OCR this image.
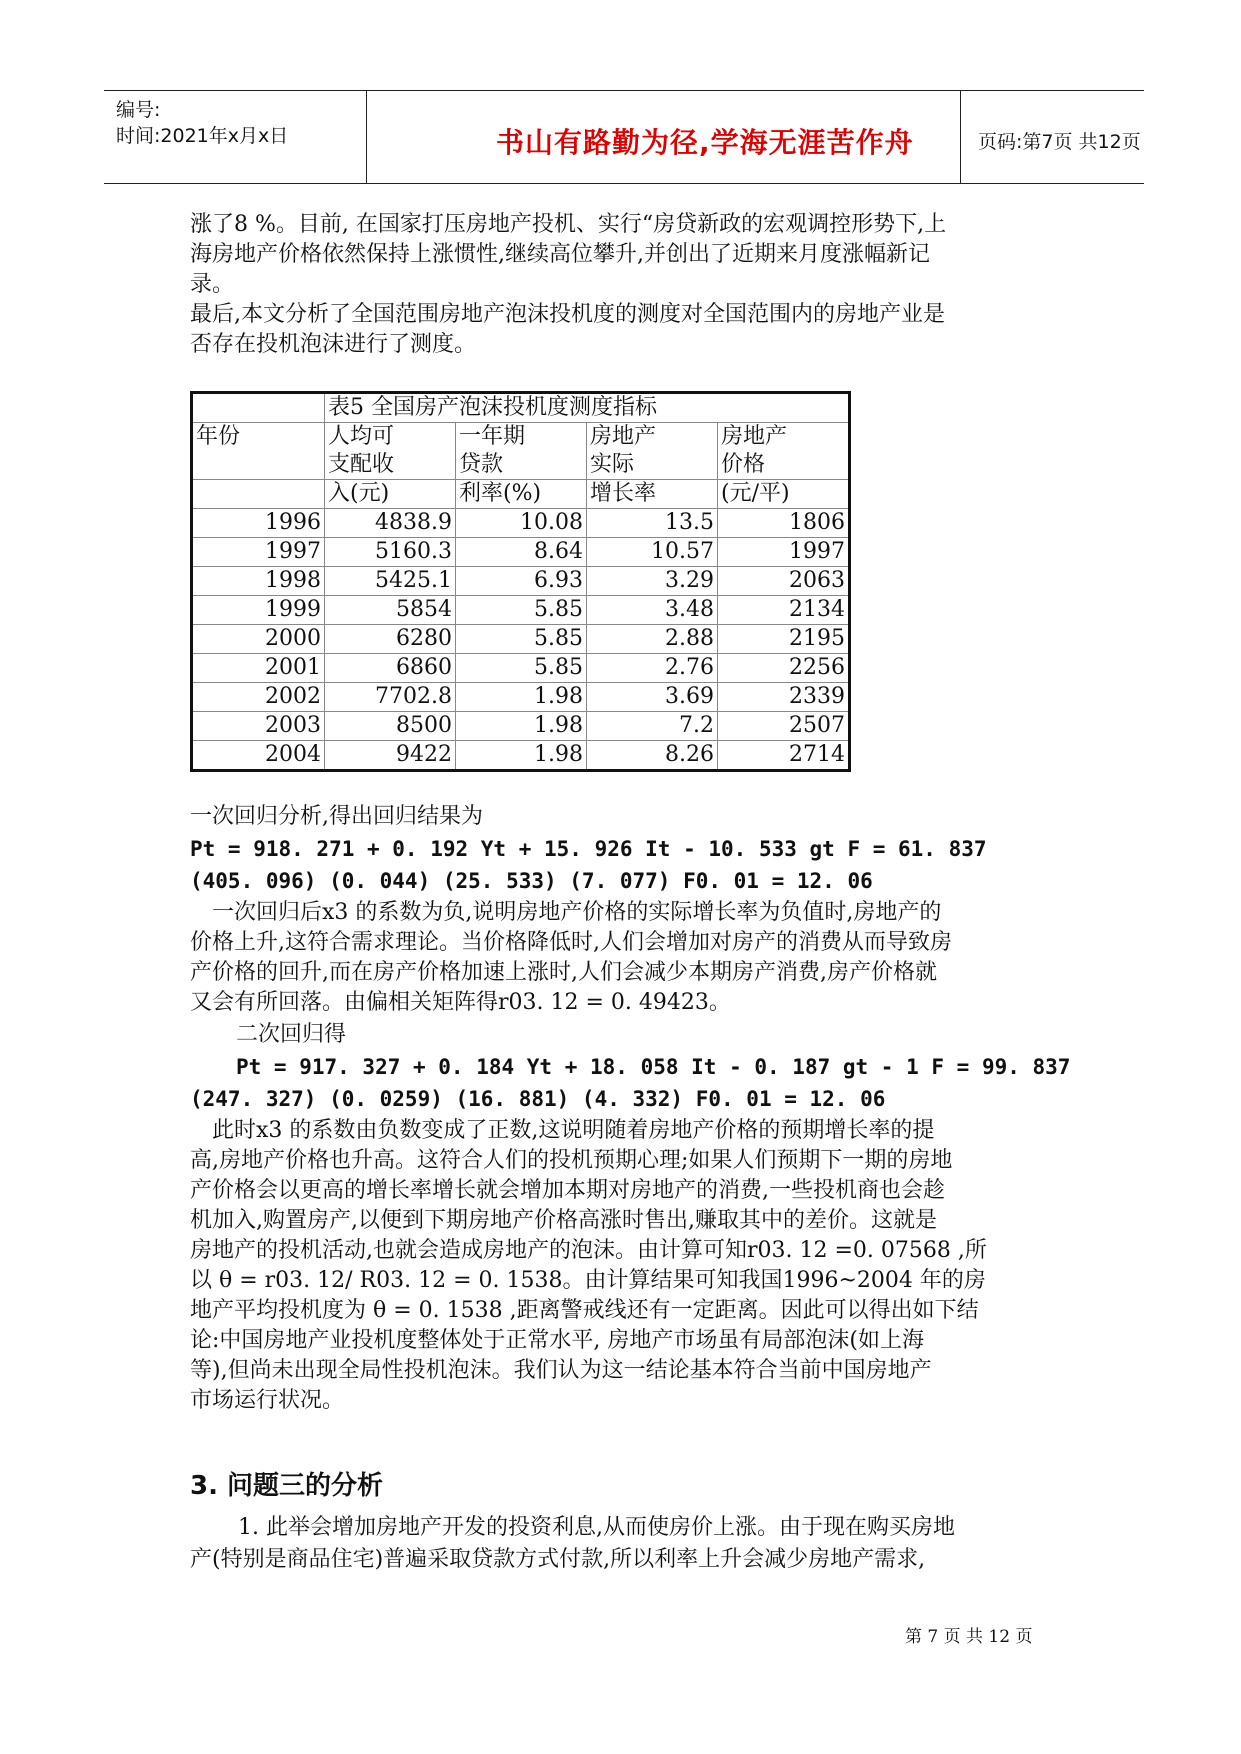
编号:
时间:2021年x月x日	书山有路勤为径,学海无涯苦作舟	页码:第7页 共12页
涨了8 %。目前, 在国家打压房地产投机、实行“房贷新政的宏观调控形势下,上
海房地产价格依然保持上涨惯性,继续高位攀升,并创出了近期来月度涨幅新记
录。
最后,本文分析了全国范围房地产泡沫投机度的测度对全国范围内的房地产业是
否存在投机泡沫进行了测度。
	表5 全国房产泡沫投机度测度指标			
年份	人均可	一年期	房地产	房地产
	支配收	贷款	实际	价格
	入(元)	利率(%)	增长率	(元/平)
1996	4838.9	10.08	13.5	1806
1997	5160.3	8.64	10.57	1997
1998	5425.1	6.93	3.29	2063
1999	5854	5.85	3.48	2134
2000	6280	5.85	2.88	2195
2001	6860	5.85	2.76	2256
2002	7702.8	1.98	3.69	2339
2003	8500	1.98	7.2	2507
2004	9422	1.98	8.26	2714
一次回归分析,得出回归结果为
Pt = 918. 271 + 0. 192 Yt + 15. 926 It - 10. 533 gt F = 61. 837
(405. 096) (0. 044) (25. 533) (7. 077) F0. 01 = 12. 06
一次回归后x3 的系数为负,说明房地产价格的实际增长率为负值时,房地产的
价格上升,这符合需求理论。当价格降低时,人们会增加对房产的消费从而导致房
产价格的回升,而在房产价格加速上涨时,人们会减少本期房产消费,房产价格就
又会有所回落。由偏相关矩阵得r03. 12 = 0. 49423。
二次回归得
Pt = 917. 327 + 0. 184 Yt + 18. 058 It - 0. 187 gt - 1 F = 99. 837
(247. 327) (0. 0259) (16. 881) (4. 332) F0. 01 = 12. 06
此时x3 的系数由负数变成了正数,这说明随着房地产价格的预期增长率的提
高,房地产价格也升高。这符合人们的投机预期心理;如果人们预期下一期的房地
产价格会以更高的增长率增长就会增加本期对房地产的消费,一些投机商也会趁
机加入,购置房产,以便到下期房地产价格高涨时售出,赚取其中的差价。这就是
房地产的投机活动,也就会造成房地产的泡沫。由计算可知r03. 12 =0. 07568 ,所
以 θ = r03. 12/ R03. 12 = 0. 1538。由计算结果可知我国1996~2004 年的房
地产平均投机度为 θ = 0. 1538 ,距离警戒线还有一定距离。因此可以得出如下结
论:中国房地产业投机度整体处于正常水平, 房地产市场虽有局部泡沫(如上海
等),但尚未出现全局性投机泡沫。我们认为这一结论基本符合当前中国房地产
市场运行状况。
3. 问题三的分析
1. 此举会增加房地产开发的投资利息,从而使房价上涨。由于现在购买房地
产(特别是商品住宅)普遍采取贷款方式付款,所以利率上升会减少房地产需求,
第 7 页 共 12 页
